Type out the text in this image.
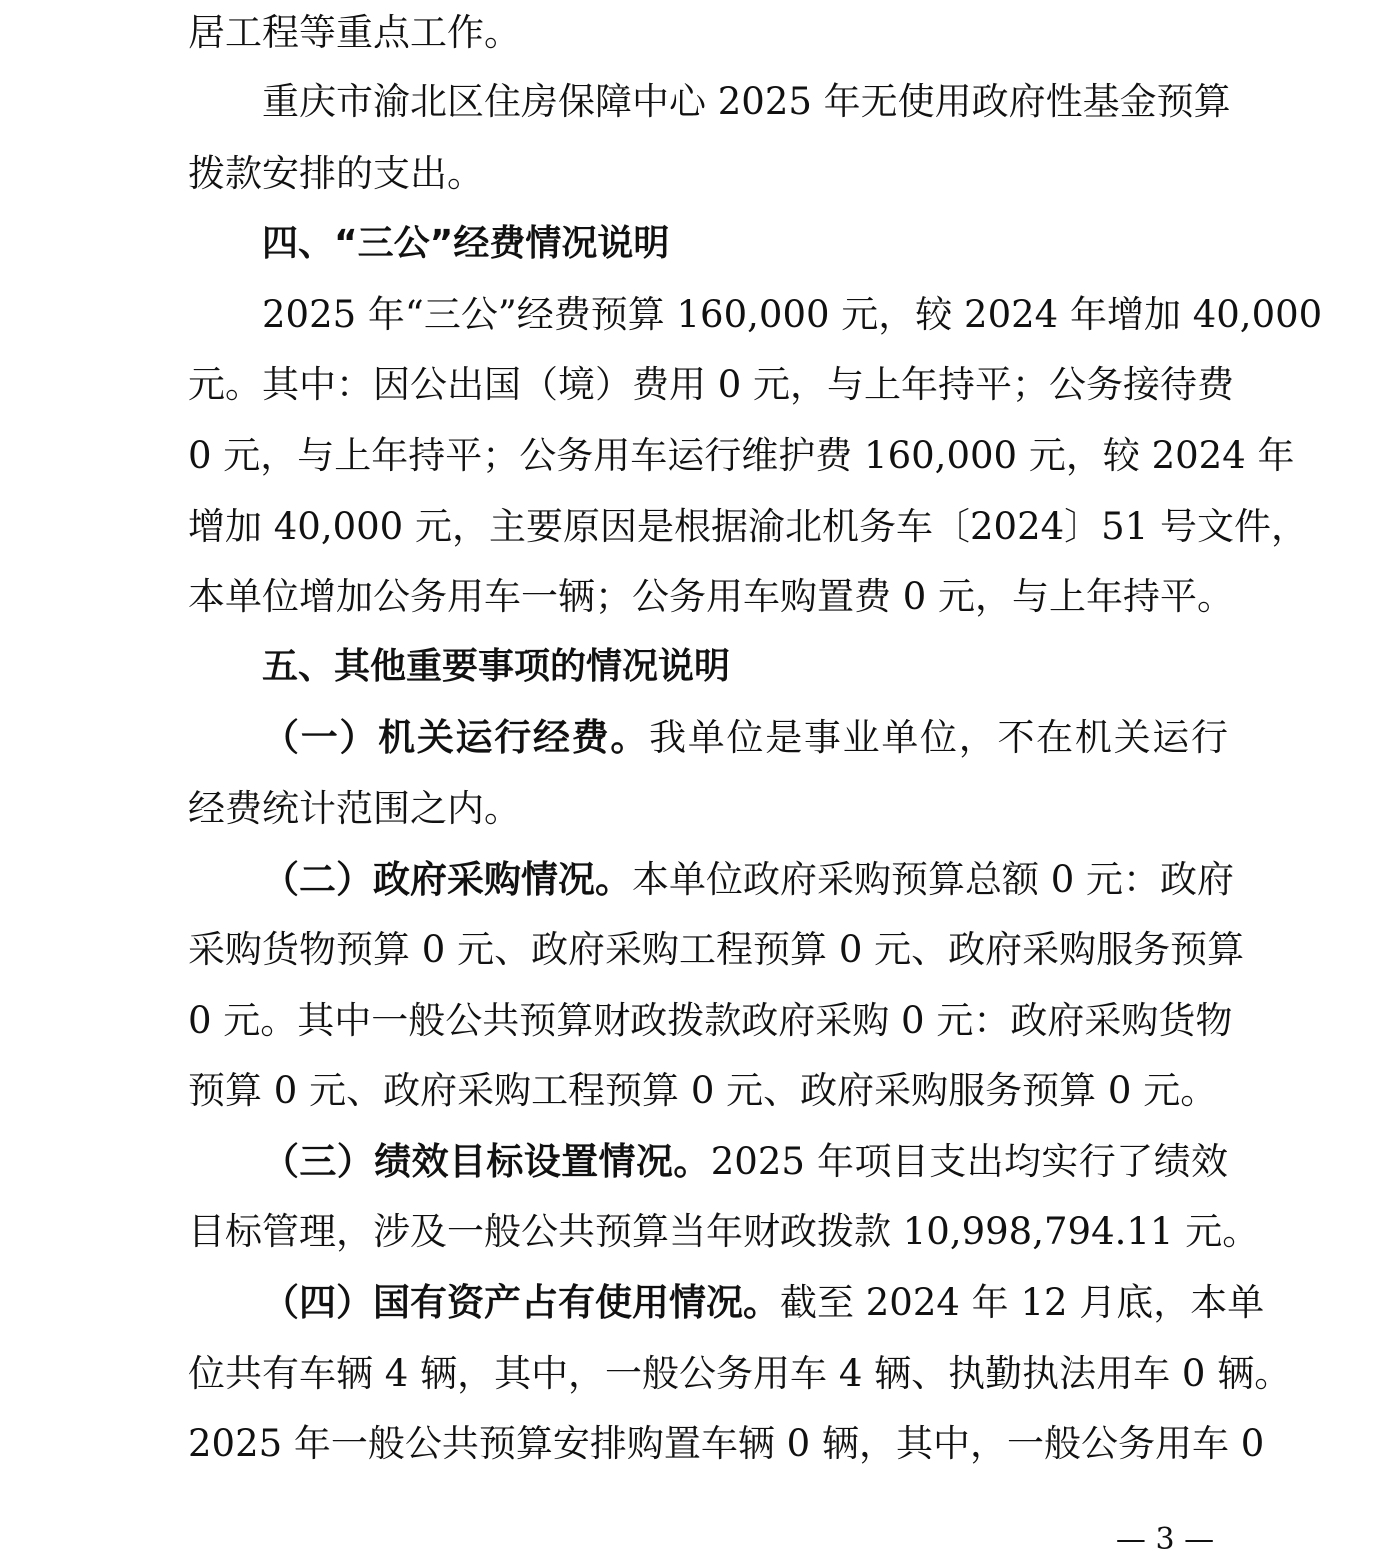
居工程等重点工作。
重庆市渝北区住房保障中心 2025 年无使用政府性基金预算
拨款安排的支出。
四、“三公”经费情况说明
2025 年“三公”经费预算 160,000 元，较 2024 年增加 40,000
元。其中：因公出国（境）费用 0 元，与上年持平；公务接待费
0 元，与上年持平；公务用车运行维护费 160,000 元，较 2024 年
增加 40,000 元，主要原因是根据渝北机务车〔2024〕51 号文件，
本单位增加公务用车一辆；公务用车购置费 0 元，与上年持平。
五、其他重要事项的情况说明
（一）机关运行经费。我单位是事业单位，不在机关运行
经费统计范围之内。
（二）政府采购情况。本单位政府采购预算总额 0 元：政府
采购货物预算 0 元、政府采购工程预算 0 元、政府采购服务预算
0 元。其中一般公共预算财政拨款政府采购 0 元：政府采购货物
预算 0 元、政府采购工程预算 0 元、政府采购服务预算 0 元。
（三）绩效目标设置情况。2025 年项目支出均实行了绩效
目标管理，涉及一般公共预算当年财政拨款 10,998,794.11 元。
（四）国有资产占有使用情况。截至 2024 年 12 月底，本单
位共有车辆 4 辆，其中，一般公务用车 4 辆、执勤执法用车 0 辆。
2025 年一般公共预算安排购置车辆 0 辆，其中，一般公务用车 0
— 3 —
